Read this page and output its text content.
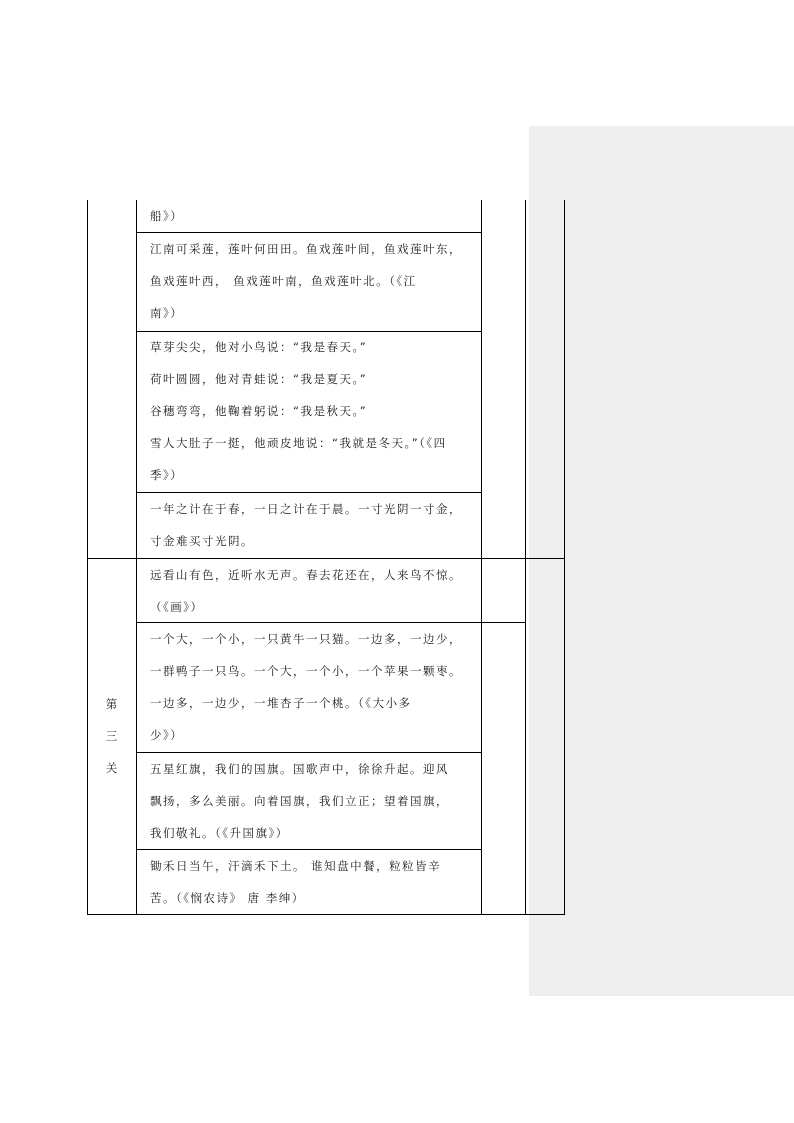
第
三
关
船》）
江南可采莲，莲叶何田田。鱼戏莲叶间，鱼戏莲叶东，
鱼戏莲叶西， 鱼戏莲叶南，鱼戏莲叶北。（《江
南》）
草芽尖尖，他对小鸟说：“我是春天。”
荷叶圆圆，他对青蛙说：“我是夏天。”
谷穗弯弯，他鞠着躬说：“我是秋天。”
雪人大肚子一挺，他顽皮地说：“我就是冬天。”（《四
季》）
一年之计在于春，一日之计在于晨。一寸光阴一寸金，
寸金难买寸光阴。
远看山有色，近听水无声。春去花还在，人来鸟不惊。
（《画》）
一个大，一个小，一只黄牛一只猫。一边多，一边少，
一群鸭子一只鸟。一个大，一个小，一个苹果一颗枣。
一边多，一边少，一堆杏子一个桃。（《大小多
少》）
五星红旗，我们的国旗。国歌声中，徐徐升起。迎风
飘扬，多么美丽。向着国旗，我们立正；望着国旗，
我们敬礼。（《升国旗》）
锄禾日当午，汗滴禾下土。 谁知盘中餐，粒粒皆辛
苦。（《悯农诗》 唐 李绅）
